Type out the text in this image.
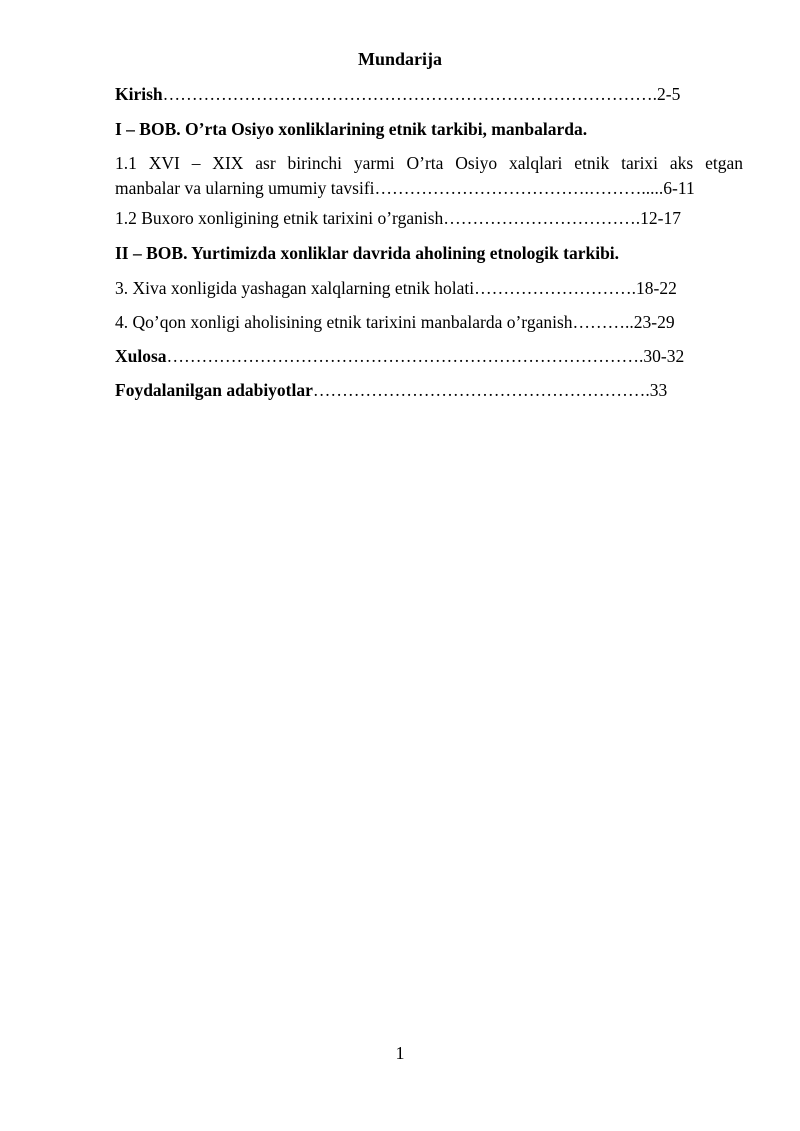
Mundarija
Kirish………………………………………………………………………….2-5
I – BOB. O’rta Osiyo xonliklarining etnik tarkibi, manbalarda.
1.1 XVI – XIX asr birinchi yarmi O’rta Osiyo xalqlari etnik tarixi aks etgan
manbalar va ularning umumiy tavsifi……………………………….……….....6-11
1.2 Buxoro xonligining etnik tarixini o’rganish…………………………….12-17
II – BOB. Yurtimizda xonliklar davrida aholining etnologik tarkibi.
3. Xiva xonligida yashagan xalqlarning etnik holati……………………….18-22
4. Qo’qon xonligi aholisining etnik tarixini manbalarda o’rganish………..23-29
Xulosa……………………………………………………………………….30-32
Foydalanilgan adabiyotlar………………………………………………….33
1
